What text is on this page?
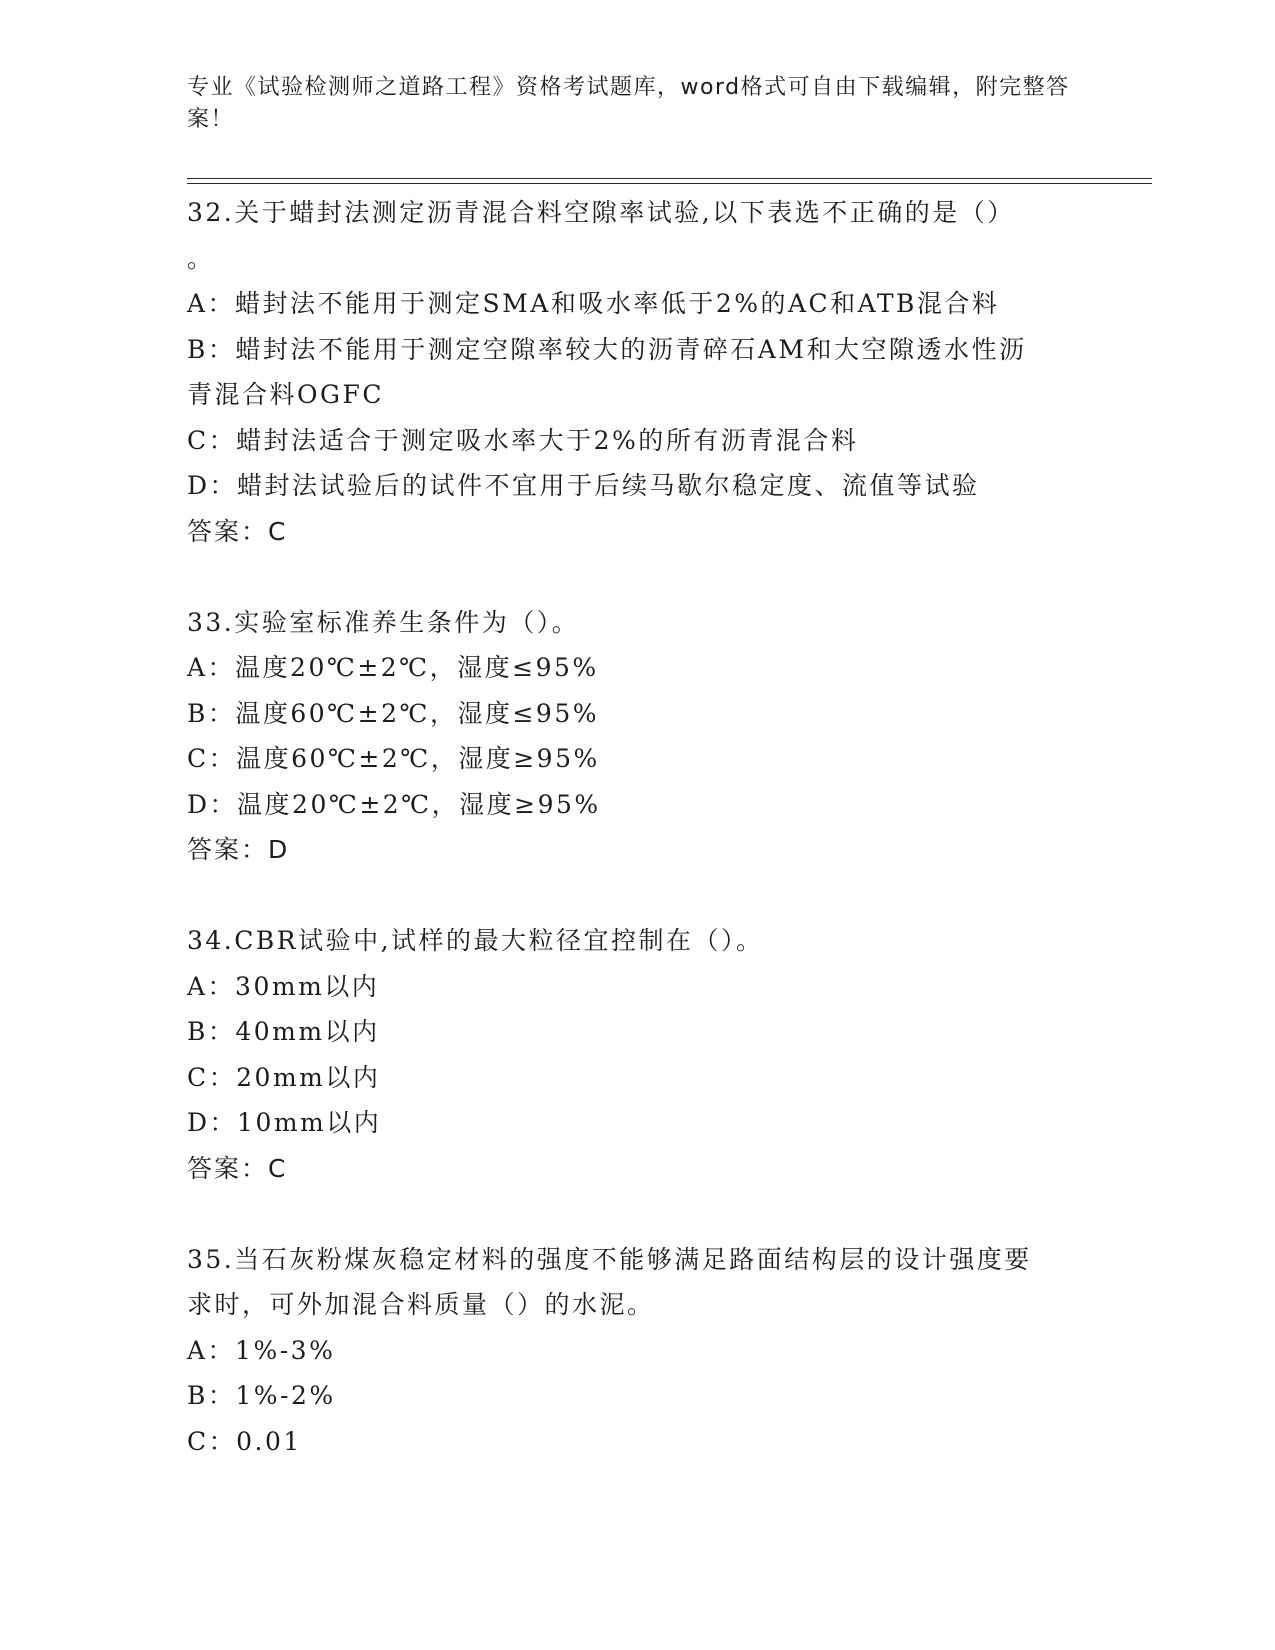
专业《试验检测师之道路工程》资格考试题库，word格式可自由下载编辑，附完整答案！
32.关于蜡封法测定沥青混合料空隙率试验,以下表选不正确的是（）
。
A：蜡封法不能用于测定SMA和吸水率低于2%的AC和ATB混合料
B：蜡封法不能用于测定空隙率较大的沥青碎石AM和大空隙透水性沥
青混合料OGFC
C：蜡封法适合于测定吸水率大于2%的所有沥青混合料
D：蜡封法试验后的试件不宜用于后续马歇尔稳定度、流值等试验
答案：C
33.实验室标准养生条件为（）。
A：温度20℃±2℃，湿度≤95%
B：温度60℃±2℃，湿度≤95%
C：温度60℃±2℃，湿度≥95%
D：温度20℃±2℃，湿度≥95%
答案：D
34.CBR试验中,试样的最大粒径宜控制在（）。
A：30mm以内
B：40mm以内
C：20mm以内
D：10mm以内
答案：C
35.当石灰粉煤灰稳定材料的强度不能够满足路面结构层的设计强度要
求时，可外加混合料质量（）的水泥。
A：1%-3%
B：1%-2%
C：0.01
